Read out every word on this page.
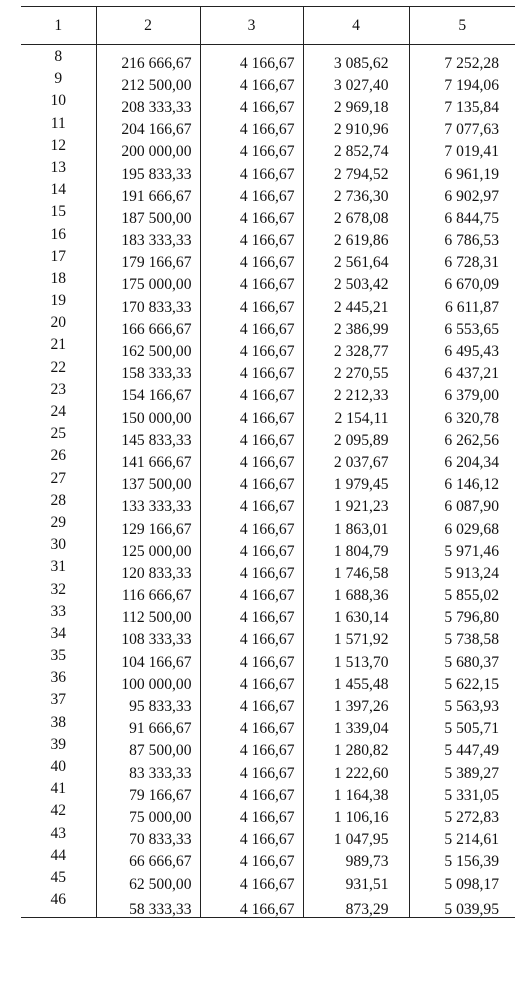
1	2	3	4	5
8	216 666,67	4 166,67	3 085,62	7 252,28
9	212 500,00	4 166,67	3 027,40	7 194,06
10	208 333,33	4 166,67	2 969,18	7 135,84
11	204 166,67	4 166,67	2 910,96	7 077,63
12	200 000,00	4 166,67	2 852,74	7 019,41
13	195 833,33	4 166,67	2 794,52	6 961,19
14	191 666,67	4 166,67	2 736,30	6 902,97
15	187 500,00	4 166,67	2 678,08	6 844,75
16	183 333,33	4 166,67	2 619,86	6 786,53
17	179 166,67	4 166,67	2 561,64	6 728,31
18	175 000,00	4 166,67	2 503,42	6 670,09
19	170 833,33	4 166,67	2 445,21	6 611,87
20	166 666,67	4 166,67	2 386,99	6 553,65
21	162 500,00	4 166,67	2 328,77	6 495,43
22	158 333,33	4 166,67	2 270,55	6 437,21
23	154 166,67	4 166,67	2 212,33	6 379,00
24	150 000,00	4 166,67	2 154,11	6 320,78
25	145 833,33	4 166,67	2 095,89	6 262,56
26	141 666,67	4 166,67	2 037,67	6 204,34
27	137 500,00	4 166,67	1 979,45	6 146,12
28	133 333,33	4 166,67	1 921,23	6 087,90
29	129 166,67	4 166,67	1 863,01	6 029,68
30	125 000,00	4 166,67	1 804,79	5 971,46
31	120 833,33	4 166,67	1 746,58	5 913,24
32	116 666,67	4 166,67	1 688,36	5 855,02
33	112 500,00	4 166,67	1 630,14	5 796,80
34	108 333,33	4 166,67	1 571,92	5 738,58
35	104 166,67	4 166,67	1 513,70	5 680,37
36	100 000,00	4 166,67	1 455,48	5 622,15
37	95 833,33	4 166,67	1 397,26	5 563,93
38	91 666,67	4 166,67	1 339,04	5 505,71
39	87 500,00	4 166,67	1 280,82	5 447,49
40	83 333,33	4 166,67	1 222,60	5 389,27
41	79 166,67	4 166,67	1 164,38	5 331,05
42	75 000,00	4 166,67	1 106,16	5 272,83
43	70 833,33	4 166,67	1 047,95	5 214,61
44	66 666,67	4 166,67	989,73	5 156,39
45	62 500,00	4 166,67	931,51	5 098,17
46	58 333,33	4 166,67	873,29	5 039,95
